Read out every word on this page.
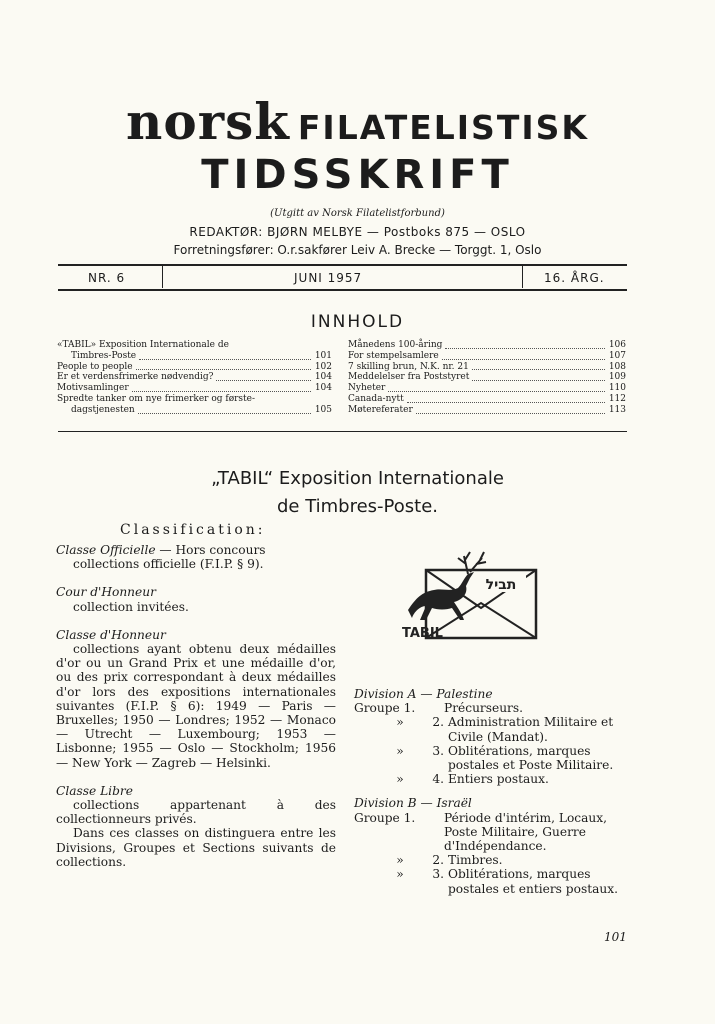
norsk FILATELISTISK
TIDSSKRIFT
(Utgitt av Norsk Filatelistforbund)
REDAKTØR: BJØRN MELBYE — Postboks 875 — OSLO
Forretningsfører: O.r.sakfører Leiv A. Brecke — Torggt. 1, Oslo
NR. 6	JUNI 1957	16. ÅRG.
INNHOLD
«TABIL» Exposition Internationale de
Timbres-Poste	101
People to people	102
Er et verdensfrimerke nødvendig?	104
Motivsamlinger	104
Spredte tanker om nye frimerker og første-
dagstjenesten	105
Månedens 100-åring	106
For stempelsamlere	107
7 skilling brun, N.K. nr. 21	108
Meddelelser fra Poststyret	109
Nyheter	110
Canada-nytt	112
Møtereferater	113
„TABIL“ Exposition Internationale
de Timbres-Poste.
Classification:
Classe Officielle — Hors concours
collections officielle (F.I.P. § 9).
Cour d'Honneur
collection invitées.
Classe d'Honneur
collections ayant obtenu deux médailles d'or ou un Grand Prix et une médaille d'or, ou des prix correspondant à deux médailles d'or lors des expositions internationales suivantes (F.I.P. § 6): 1949 — Paris — Bruxelles; 1950 — Londres; 1952 — Monaco — Utrecht — Luxembourg; 1953 — Lisbonne; 1955 — Oslo — Stockholm; 1956 — New York — Zagreb — Helsinki.
Classe Libre
collections appartenant à des collectionneurs privés.
Dans ces classes on distinguera entre les Divisions, Groupes et Sections suivants de collections.
תביל
TABIL
Division A — Palestine
Groupe 1.	Précurseurs.
»	2. Administration Militaire et Civile (Mandat).
»	3. Oblitérations, marques postales et Poste Militaire.
»	4. Entiers postaux.
Division B — Israël
Groupe 1.	Période d'intérim, Locaux, Poste Militaire, Guerre d'Indépendance.
»	2. Timbres.
»	3. Oblitérations, marques postales et entiers postaux.
101
